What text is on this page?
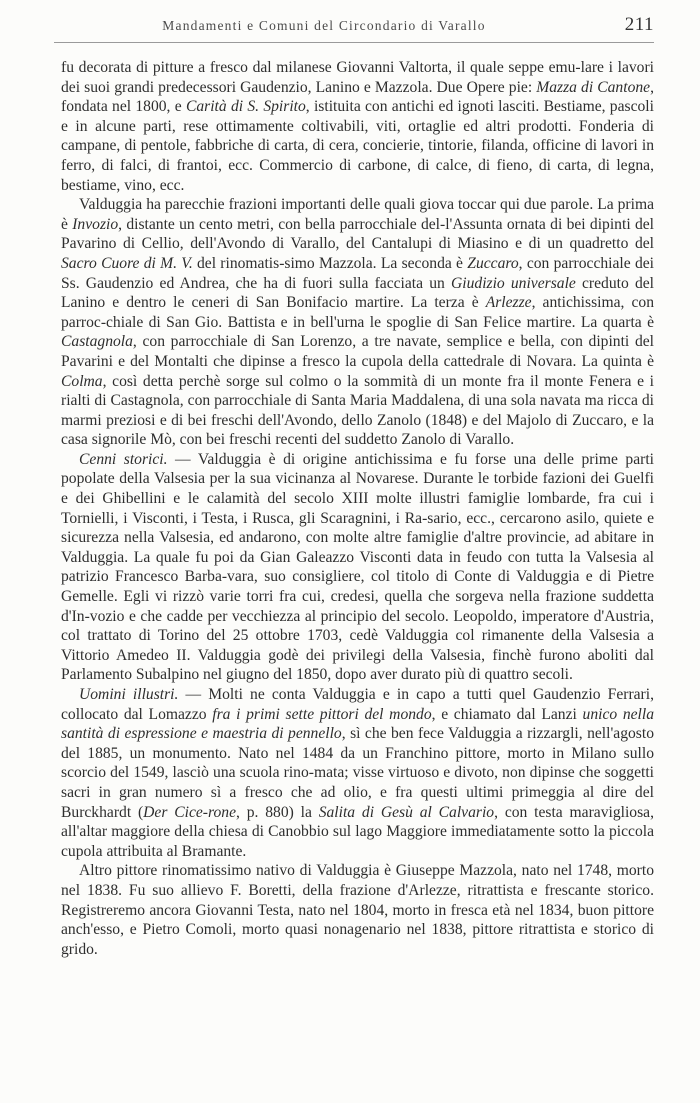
Mandamenti e Comuni del Circondario di Varallo	211

fu decorata di pitture a fresco dal milanese Giovanni Valtorta, il quale seppe emu-lare i lavori dei suoi grandi predecessori Gaudenzio, Lanino e Mazzola. Due Opere pie: Mazza di Cantone, fondata nel 1800, e Carità di S. Spirito, istituita con antichi ed ignoti lasciti. Bestiame, pascoli e in alcune parti, rese ottimamente coltivabili, viti, ortaglie ed altri prodotti. Fonderia di campane, di pentole, fabbriche di carta, di cera, concierie, tintorie, filanda, officine di lavori in ferro, di falci, di frantoi, ecc. Commercio di carbone, di calce, di fieno, di carta, di legna, bestiame, vino, ecc.

Valduggia ha parecchie frazioni importanti delle quali giova toccar qui due parole. La prima è Invozio, distante un cento metri, con bella parrocchiale del-l'Assunta ornata di bei dipinti del Pavarino di Cellio, dell'Avondo di Varallo, del Cantalupi di Miasino e di un quadretto del Sacro Cuore di M. V. del rinomatis-simo Mazzola. La seconda è Zuccaro, con parrocchiale dei Ss. Gaudenzio ed Andrea, che ha di fuori sulla facciata un Giudizio universale creduto del Lanino e dentro le ceneri di San Bonifacio martire. La terza è Arlezze, antichissima, con parroc-chiale di San Gio. Battista e in bell'urna le spoglie di San Felice martire. La quarta è Castagnola, con parrocchiale di San Lorenzo, a tre navate, semplice e bella, con dipinti del Pavarini e del Montalti che dipinse a fresco la cupola della cattedrale di Novara. La quinta è Colma, così detta perchè sorge sul colmo o la sommità di un monte fra il monte Fenera e i rialti di Castagnola, con parrocchiale di Santa Maria Maddalena, di una sola navata ma ricca di marmi preziosi e di bei freschi dell'Avondo, dello Zanolo (1848) e del Majolo di Zuccaro, e la casa signorile Mò, con bei freschi recenti del suddetto Zanolo di Varallo.

Cenni storici. — Valduggia è di origine antichissima e fu forse una delle prime parti popolate della Valsesia per la sua vicinanza al Novarese. Durante le torbide fazioni dei Guelfi e dei Ghibellini e le calamità del secolo XIII molte illustri famiglie lombarde, fra cui i Tornielli, i Visconti, i Testa, i Rusca, gli Scaragnini, i Ra-sario, ecc., cercarono asilo, quiete e sicurezza nella Valsesia, ed andarono, con molte altre famiglie d'altre provincie, ad abitare in Valduggia. La quale fu poi da Gian Galeazzo Visconti data in feudo con tutta la Valsesia al patrizio Francesco Barba-vara, suo consigliere, col titolo di Conte di Valduggia e di Pietre Gemelle. Egli vi rizzò varie torri fra cui, credesi, quella che sorgeva nella frazione suddetta d'In-vozio e che cadde per vecchiezza al principio del secolo. Leopoldo, imperatore d'Austria, col trattato di Torino del 25 ottobre 1703, cedè Valduggia col rimanente della Valsesia a Vittorio Amedeo II. Valduggia godè dei privilegi della Valsesia, finchè furono aboliti dal Parlamento Subalpino nel giugno del 1850, dopo aver durato più di quattro secoli.

Uomini illustri. — Molti ne conta Valduggia e in capo a tutti quel Gaudenzio Ferrari, collocato dal Lomazzo fra i primi sette pittori del mondo, e chiamato dal Lanzi unico nella santità di espressione e maestria di pennello, sì che ben fece Valduggia a rizzargli, nell'agosto del 1885, un monumento. Nato nel 1484 da un Franchino pittore, morto in Milano sullo scorcio del 1549, lasciò una scuola rino-mata; visse virtuoso e divoto, non dipinse che soggetti sacri in gran numero sì a fresco che ad olio, e fra questi ultimi primeggia al dire del Burckhardt (Der Cice-rone, p. 880) la Salita di Gesù al Calvario, con testa maravigliosa, all'altar maggiore della chiesa di Canobbio sul lago Maggiore immediatamente sotto la piccola cupola attribuita al Bramante.

Altro pittore rinomatissimo nativo di Valduggia è Giuseppe Mazzola, nato nel 1748, morto nel 1838. Fu suo allievo F. Boretti, della frazione d'Arlezze, ritrattista e frescante storico. Registreremo ancora Giovanni Testa, nato nel 1804, morto in fresca età nel 1834, buon pittore anch'esso, e Pietro Comoli, morto quasi nonagenario nel 1838, pittore ritrattista e storico di grido.
